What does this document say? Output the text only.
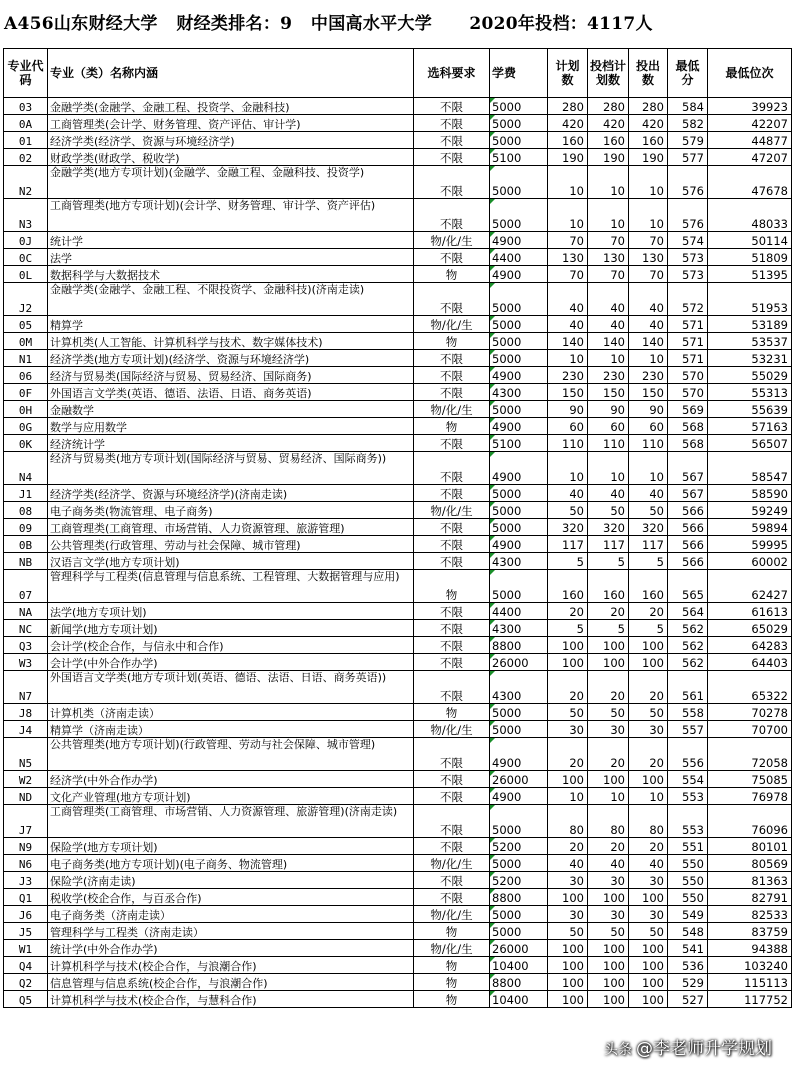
A456山东财经大学   财经类排名：9   中国高水平大学      2020年投档：4117人
专业代码	专业（类）名称内涵	选科要求	学费	计划数	投档计划数	投出数	最低分	最低位次
03	金融学类(金融学、金融工程、投资学、金融科技)	不限	5000	280	280	280	584	39923
0A	工商管理类(会计学、财务管理、资产评估、审计学)	不限	5000	420	420	420	582	42207
01	经济学类(经济学、资源与环境经济学)	不限	5000	160	160	160	579	44877
02	财政学类(财政学、税收学)	不限	5100	190	190	190	577	47207
N2	金融学类(地方专项计划)(金融学、金融工程、金融科技、投资学)	不限	5000	10	10	10	576	47678
N3	工商管理类(地方专项计划)(会计学、财务管理、审计学、资产评估)	不限	5000	10	10	10	576	48033
0J	统计学	物/化/生	4900	70	70	70	574	50114
0C	法学	不限	4400	130	130	130	573	51809
0L	数据科学与大数据技术	物	4900	70	70	70	573	51395
J2	金融学类(金融学、金融工程、不限投资学、金融科技)(济南走读)	不限	5000	40	40	40	572	51953
05	精算学	物/化/生	5000	40	40	40	571	53189
0M	计算机类(人工智能、计算机科学与技术、数字媒体技术)	物	5000	140	140	140	571	53537
N1	经济学类(地方专项计划)(经济学、资源与环境经济学)	不限	5000	10	10	10	571	53231
06	经济与贸易类(国际经济与贸易、贸易经济、国际商务)	不限	4900	230	230	230	570	55029
0F	外国语言文学类(英语、德语、法语、日语、商务英语)	不限	4300	150	150	150	570	55313
0H	金融数学	物/化/生	5000	90	90	90	569	55639
0G	数学与应用数学	物	4900	60	60	60	568	57163
0K	经济统计学	不限	5100	110	110	110	568	56507
N4	经济与贸易类(地方专项计划(国际经济与贸易、贸易经济、国际商务))	不限	4900	10	10	10	567	58547
J1	经济学类(经济学、资源与环境经济学)(济南走读)	不限	5000	40	40	40	567	58590
08	电子商务类(物流管理、电子商务)	物/化/生	5000	50	50	50	566	59249
09	工商管理类(工商管理、市场营销、人力资源管理、旅游管理)	不限	5000	320	320	320	566	59894
0B	公共管理类(行政管理、劳动与社会保障、城市管理)	不限	4900	117	117	117	566	59995
NB	汉语言文学(地方专项计划)	不限	4300	5	5	5	566	60002
07	管理科学与工程类(信息管理与信息系统、工程管理、大数据管理与应用)	物	5000	160	160	160	565	62427
NA	法学(地方专项计划)	不限	4400	20	20	20	564	61613
NC	新闻学(地方专项计划)	不限	4300	5	5	5	562	65029
Q3	会计学(校企合作，与信永中和合作)	不限	8800	100	100	100	562	64283
W3	会计学(中外合作办学)	不限	26000	100	100	100	562	64403
N7	外国语言文学类(地方专项计划(英语、德语、法语、日语、商务英语))	不限	4300	20	20	20	561	65322
J8	计算机类（济南走读）	物	5000	50	50	50	558	70278
J4	精算学（济南走读）	物/化/生	5000	30	30	30	557	70700
N5	公共管理类(地方专项计划)(行政管理、劳动与社会保障、城市管理)	不限	4900	20	20	20	556	72058
W2	经济学(中外合作办学)	不限	26000	100	100	100	554	75085
ND	文化产业管理(地方专项计划)	不限	4900	10	10	10	553	76978
J7	工商管理类(工商管理、市场营销、人力资源管理、旅游管理)(济南走读)	不限	5000	80	80	80	553	76096
N9	保险学(地方专项计划)	不限	5200	20	20	20	551	80101
N6	电子商务类(地方专项计划)(电子商务、物流管理)	物/化/生	5000	40	40	40	550	80569
J3	保险学(济南走读)	不限	5200	30	30	30	550	81363
Q1	税收学(校企合作，与百丞合作)	不限	8800	100	100	100	550	82791
J6	电子商务类（济南走读）	物/化/生	5000	30	30	30	549	82533
J5	管理科学与工程类（济南走读）	物	5000	50	50	50	548	83759
W1	统计学(中外合作办学)	物/化/生	26000	100	100	100	541	94388
Q4	计算机科学与技术(校企合作，与浪潮合作)	物	10400	100	100	100	536	103240
Q2	信息管理与信息系统(校企合作，与浪潮合作)	物	8800	100	100	100	529	115113
Q5	计算机科学与技术(校企合作，与慧科合作)	物	10400	100	100	100	527	117752
头条 @李老师升学规划
